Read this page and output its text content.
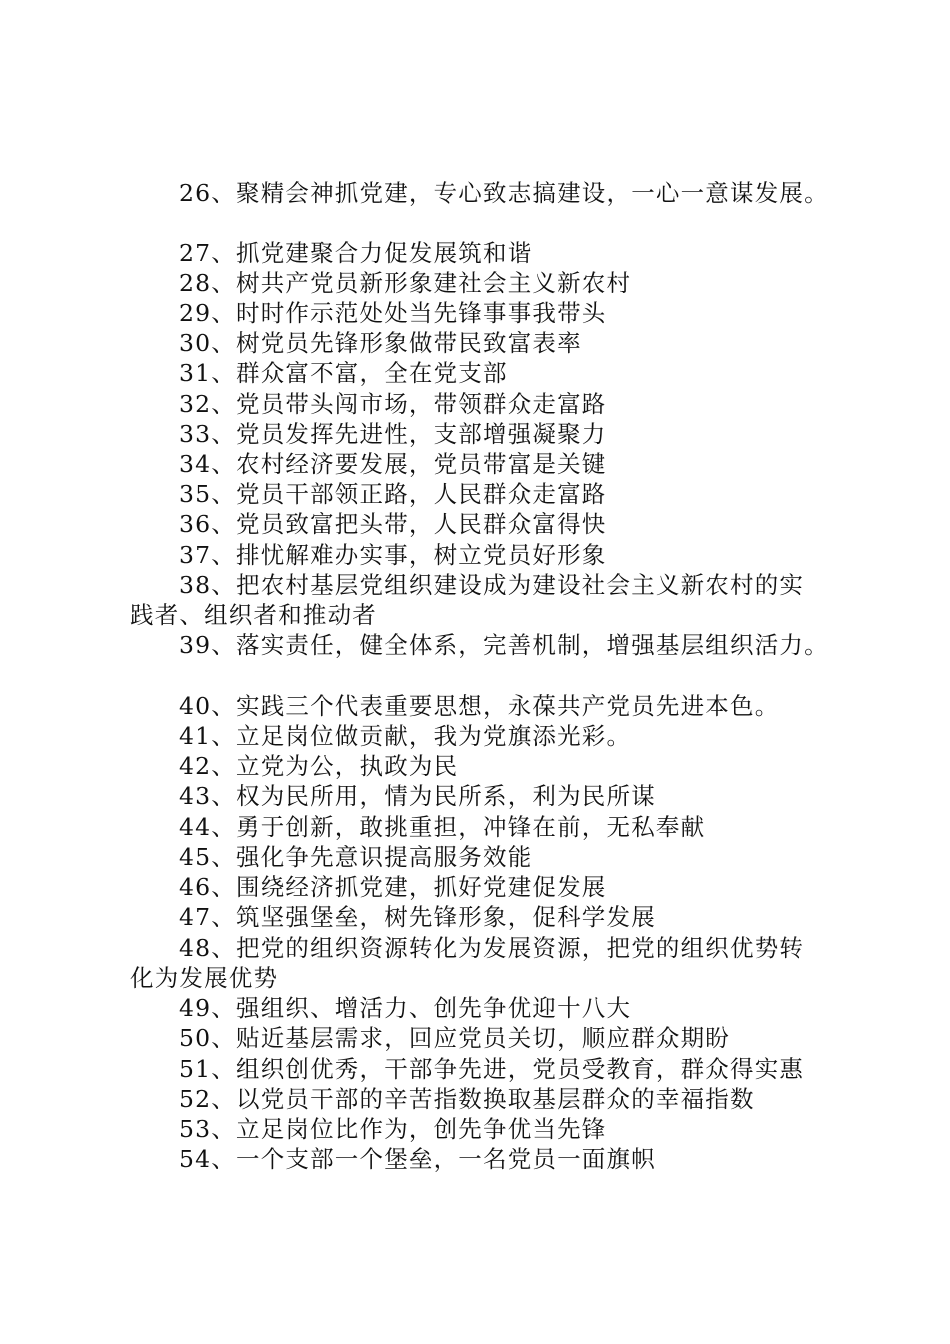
26、聚精会神抓党建，专心致志搞建设，一心一意谋发展。
27、抓党建聚合力促发展筑和谐
28、树共产党员新形象建社会主义新农村
29、时时作示范处处当先锋事事我带头
30、树党员先锋形象做带民致富表率
31、群众富不富，全在党支部
32、党员带头闯市场，带领群众走富路
33、党员发挥先进性，支部增强凝聚力
34、农村经济要发展，党员带富是关键
35、党员干部领正路，人民群众走富路
36、党员致富把头带，人民群众富得快
37、排忧解难办实事，树立党员好形象
38、把农村基层党组织建设成为建设社会主义新农村的实
践者、组织者和推动者
39、落实责任，健全体系，完善机制，增强基层组织活力。
40、实践三个代表重要思想，永葆共产党员先进本色。
41、立足岗位做贡献，我为党旗添光彩。
42、立党为公，执政为民
43、权为民所用，情为民所系，利为民所谋
44、勇于创新，敢挑重担，冲锋在前，无私奉献
45、强化争先意识提高服务效能
46、围绕经济抓党建，抓好党建促发展
47、筑坚强堡垒，树先锋形象，促科学发展
48、把党的组织资源转化为发展资源，把党的组织优势转
化为发展优势
49、强组织、增活力、创先争优迎十八大
50、贴近基层需求，回应党员关切，顺应群众期盼
51、组织创优秀，干部争先进，党员受教育，群众得实惠
52、以党员干部的辛苦指数换取基层群众的幸福指数
53、立足岗位比作为，创先争优当先锋
54、一个支部一个堡垒，一名党员一面旗帜
